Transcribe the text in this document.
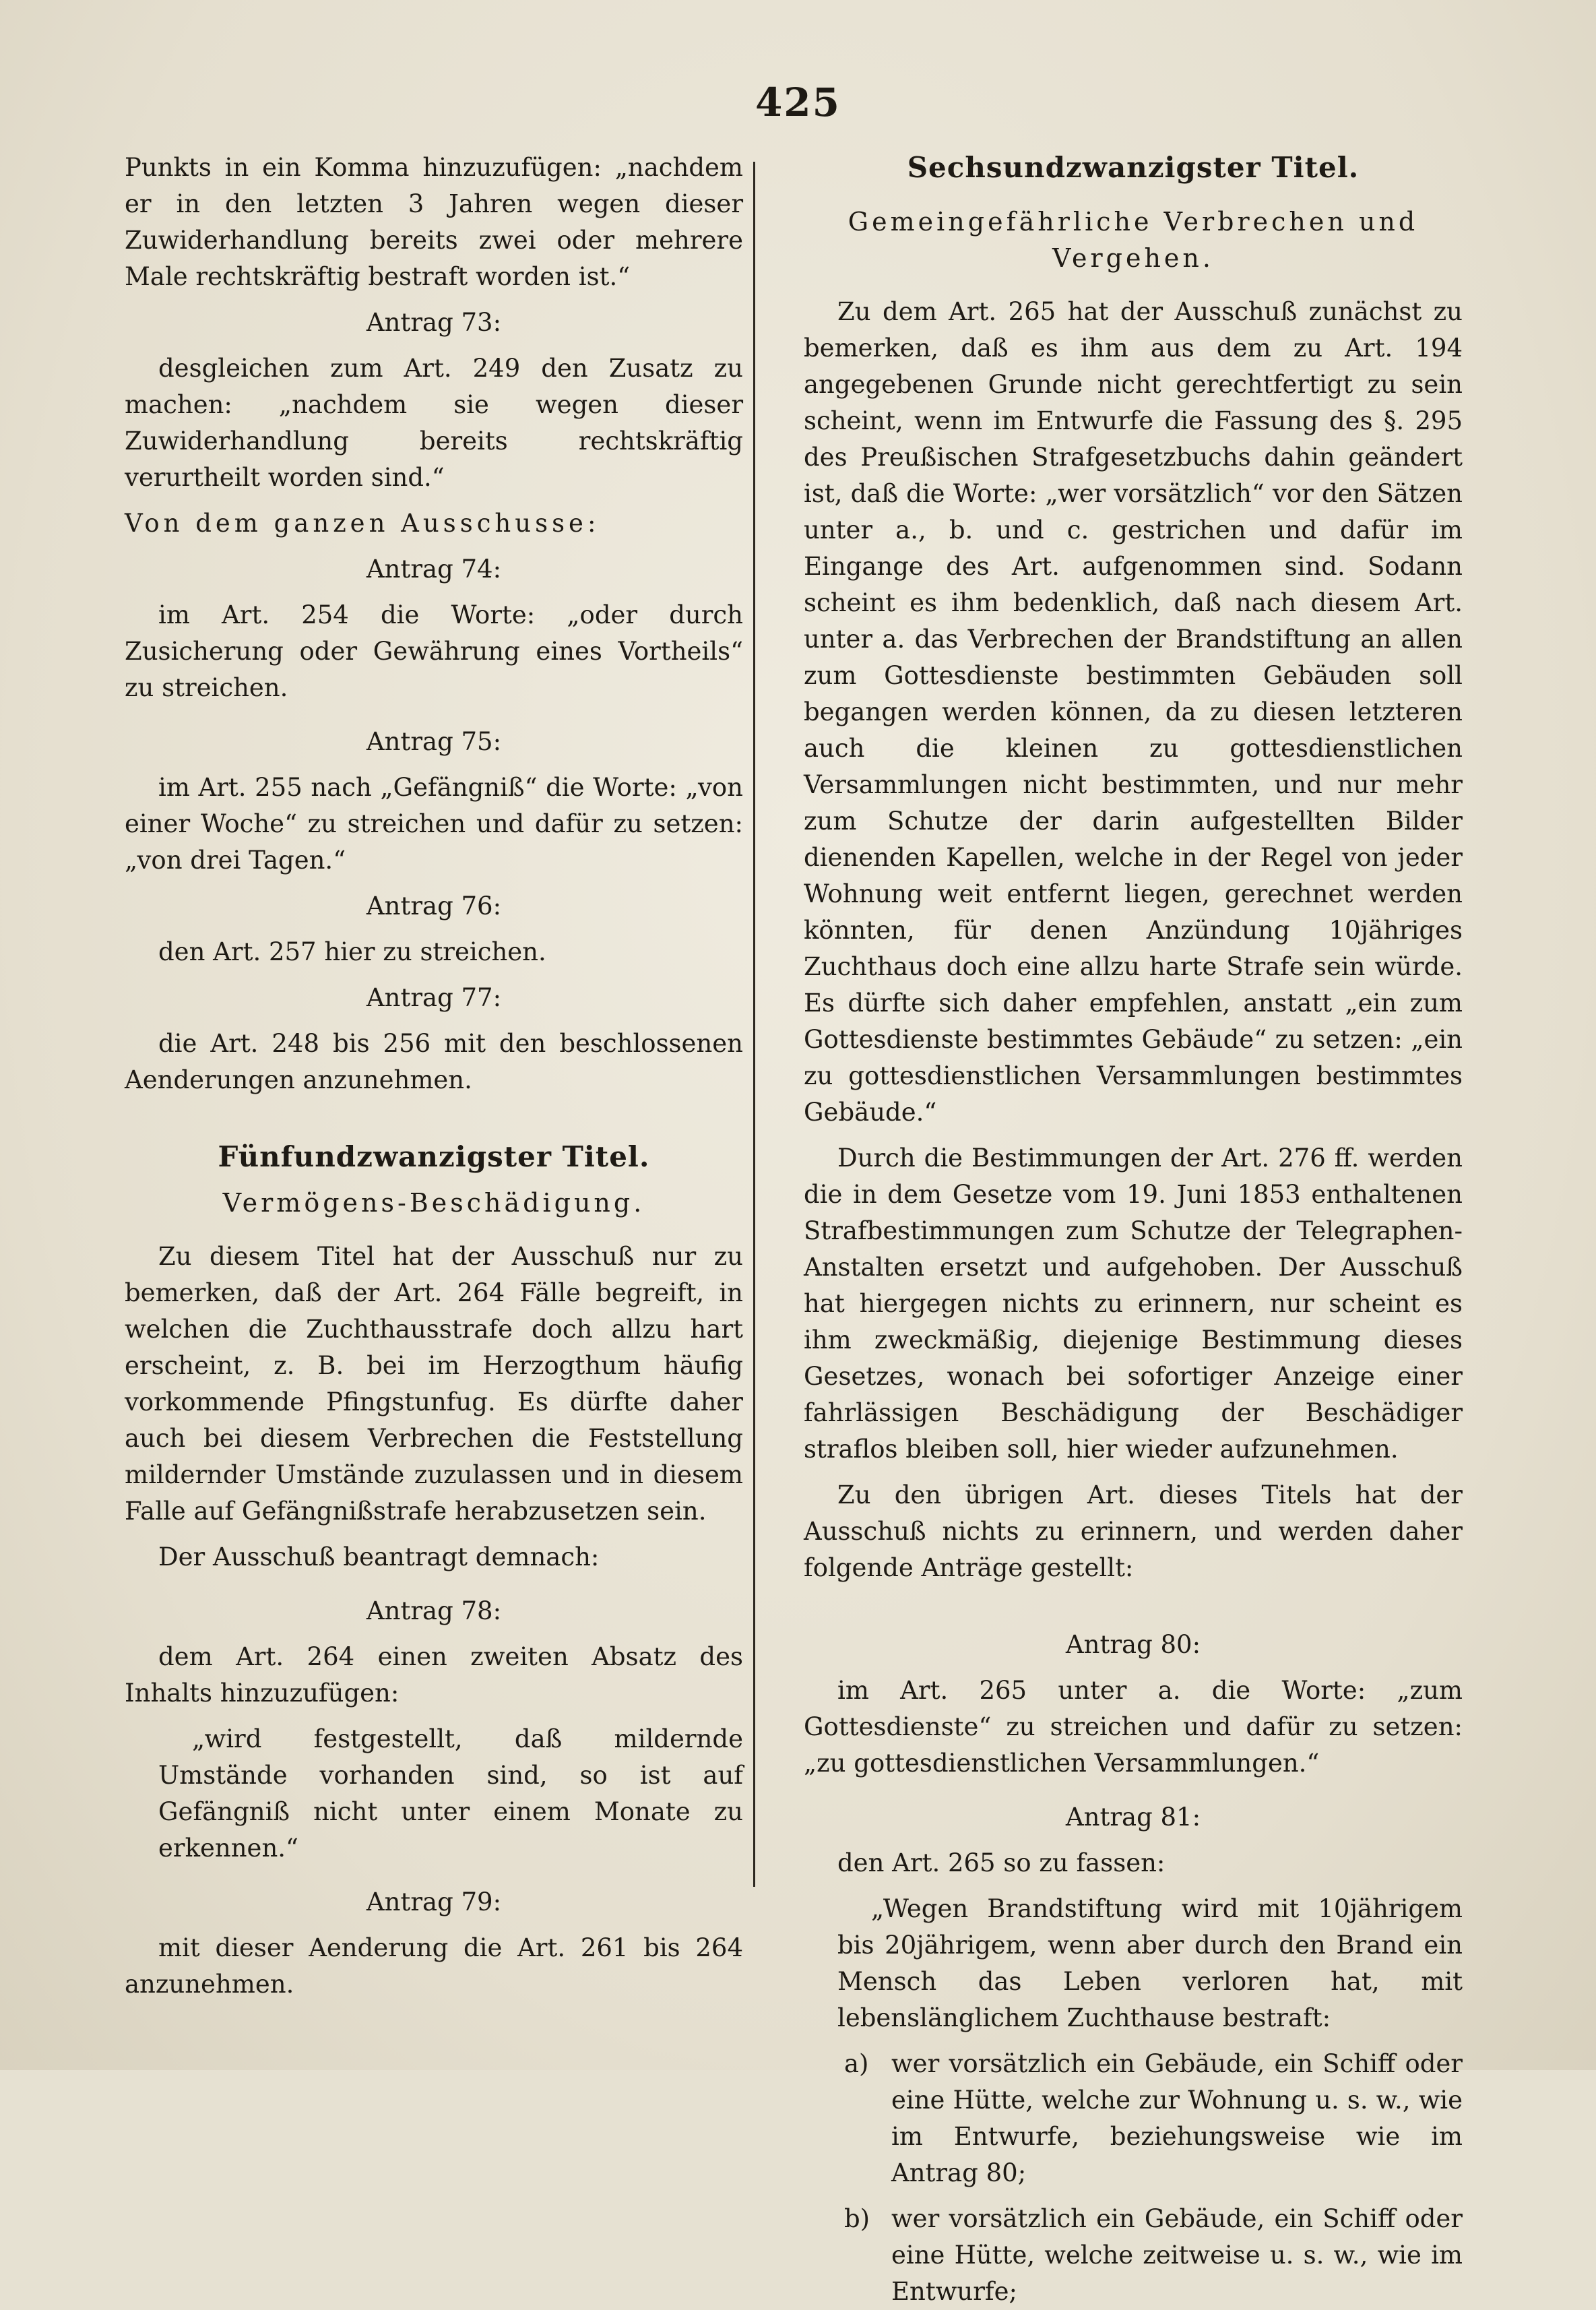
425

Punkts in ein Komma hinzuzufügen: „nachdem er in den letzten 3 Jahren wegen dieser Zuwiderhandlung bereits zwei oder mehrere Male rechtskräftig bestraft worden ist.“

Antrag 73:

desgleichen zum Art. 249 den Zusatz zu machen: „nachdem sie wegen dieser Zuwiderhandlung bereits rechtskräftig verurtheilt worden sind.“

Von dem ganzen Ausschusse:

Antrag 74:

im Art. 254 die Worte: „oder durch Zusicherung oder Gewährung eines Vortheils“ zu streichen.

Antrag 75:

im Art. 255 nach „Gefängniß“ die Worte: „von einer Woche“ zu streichen und dafür zu setzen: „von drei Tagen.“

Antrag 76:

den Art. 257 hier zu streichen.

Antrag 77:

die Art. 248 bis 256 mit den beschlossenen Aenderungen anzunehmen.

Fünfundzwanzigster Titel.

Vermögens-Beschädigung.

Zu diesem Titel hat der Ausschuß nur zu bemerken, daß der Art. 264 Fälle begreift, in welchen die Zuchthausstrafe doch allzu hart erscheint, z. B. bei im Herzogthum häufig vorkommende Pfingstunfug. Es dürfte daher auch bei diesem Verbrechen die Feststellung mildernder Umstände zuzulassen und in diesem Falle auf Gefängnißstrafe herabzusetzen sein.

Der Ausschuß beantragt demnach:

Antrag 78:

dem Art. 264 einen zweiten Absatz des Inhalts hinzuzufügen:

„wird festgestellt, daß mildernde Umstände vorhanden sind, so ist auf Gefängniß nicht unter einem Monate zu erkennen.“

Antrag 79:

mit dieser Aenderung die Art. 261 bis 264 anzunehmen.

Sechsundzwanzigster Titel.

Gemeingefährliche Verbrechen und Vergehen.

Zu dem Art. 265 hat der Ausschuß zunächst zu bemerken, daß es ihm aus dem zu Art. 194 angegebenen Grunde nicht gerechtfertigt zu sein scheint, wenn im Entwurfe die Fassung des §. 295 des Preußischen Strafgesetzbuchs dahin geändert ist, daß die Worte: „wer vorsätzlich“ vor den Sätzen unter a., b. und c. gestrichen und dafür im Eingange des Art. aufgenommen sind. Sodann scheint es ihm bedenklich, daß nach diesem Art. unter a. das Verbrechen der Brandstiftung an allen zum Gottesdienste bestimmten Gebäuden soll begangen werden können, da zu diesen letzteren auch die kleinen zu gottesdienstlichen Versammlungen nicht bestimmten, und nur mehr zum Schutze der darin aufgestellten Bilder dienenden Kapellen, welche in der Regel von jeder Wohnung weit entfernt liegen, gerechnet werden könnten, für denen Anzündung 10jähriges Zuchthaus doch eine allzu harte Strafe sein würde. Es dürfte sich daher empfehlen, anstatt „ein zum Gottesdienste bestimmtes Gebäude“ zu setzen: „ein zu gottesdienstlichen Versammlungen bestimmtes Gebäude.“

Durch die Bestimmungen der Art. 276 ff. werden die in dem Gesetze vom 19. Juni 1853 enthaltenen Strafbestimmungen zum Schutze der Telegraphen-Anstalten ersetzt und aufgehoben. Der Ausschuß hat hiergegen nichts zu erinnern, nur scheint es ihm zweckmäßig, diejenige Bestimmung dieses Gesetzes, wonach bei sofortiger Anzeige einer fahrlässigen Beschädigung der Beschädiger straflos bleiben soll, hier wieder aufzunehmen.

Zu den übrigen Art. dieses Titels hat der Ausschuß nichts zu erinnern, und werden daher folgende Anträge gestellt:

Antrag 80:

im Art. 265 unter a. die Worte: „zum Gottesdienste“ zu streichen und dafür zu setzen: „zu gottesdienstlichen Versammlungen.“

Antrag 81:

den Art. 265 so zu fassen:

„Wegen Brandstiftung wird mit 10jährigem bis 20jährigem, wenn aber durch den Brand ein Mensch das Leben verloren hat, mit lebenslänglichem Zuchthause bestraft:

a) wer vorsätzlich ein Gebäude, ein Schiff oder eine Hütte, welche zur Wohnung u. s. w., wie im Entwurfe, beziehungsweise wie im Antrag 80;
b) wer vorsätzlich ein Gebäude, ein Schiff oder eine Hütte, welche zeitweise u. s. w., wie im Entwurfe;
